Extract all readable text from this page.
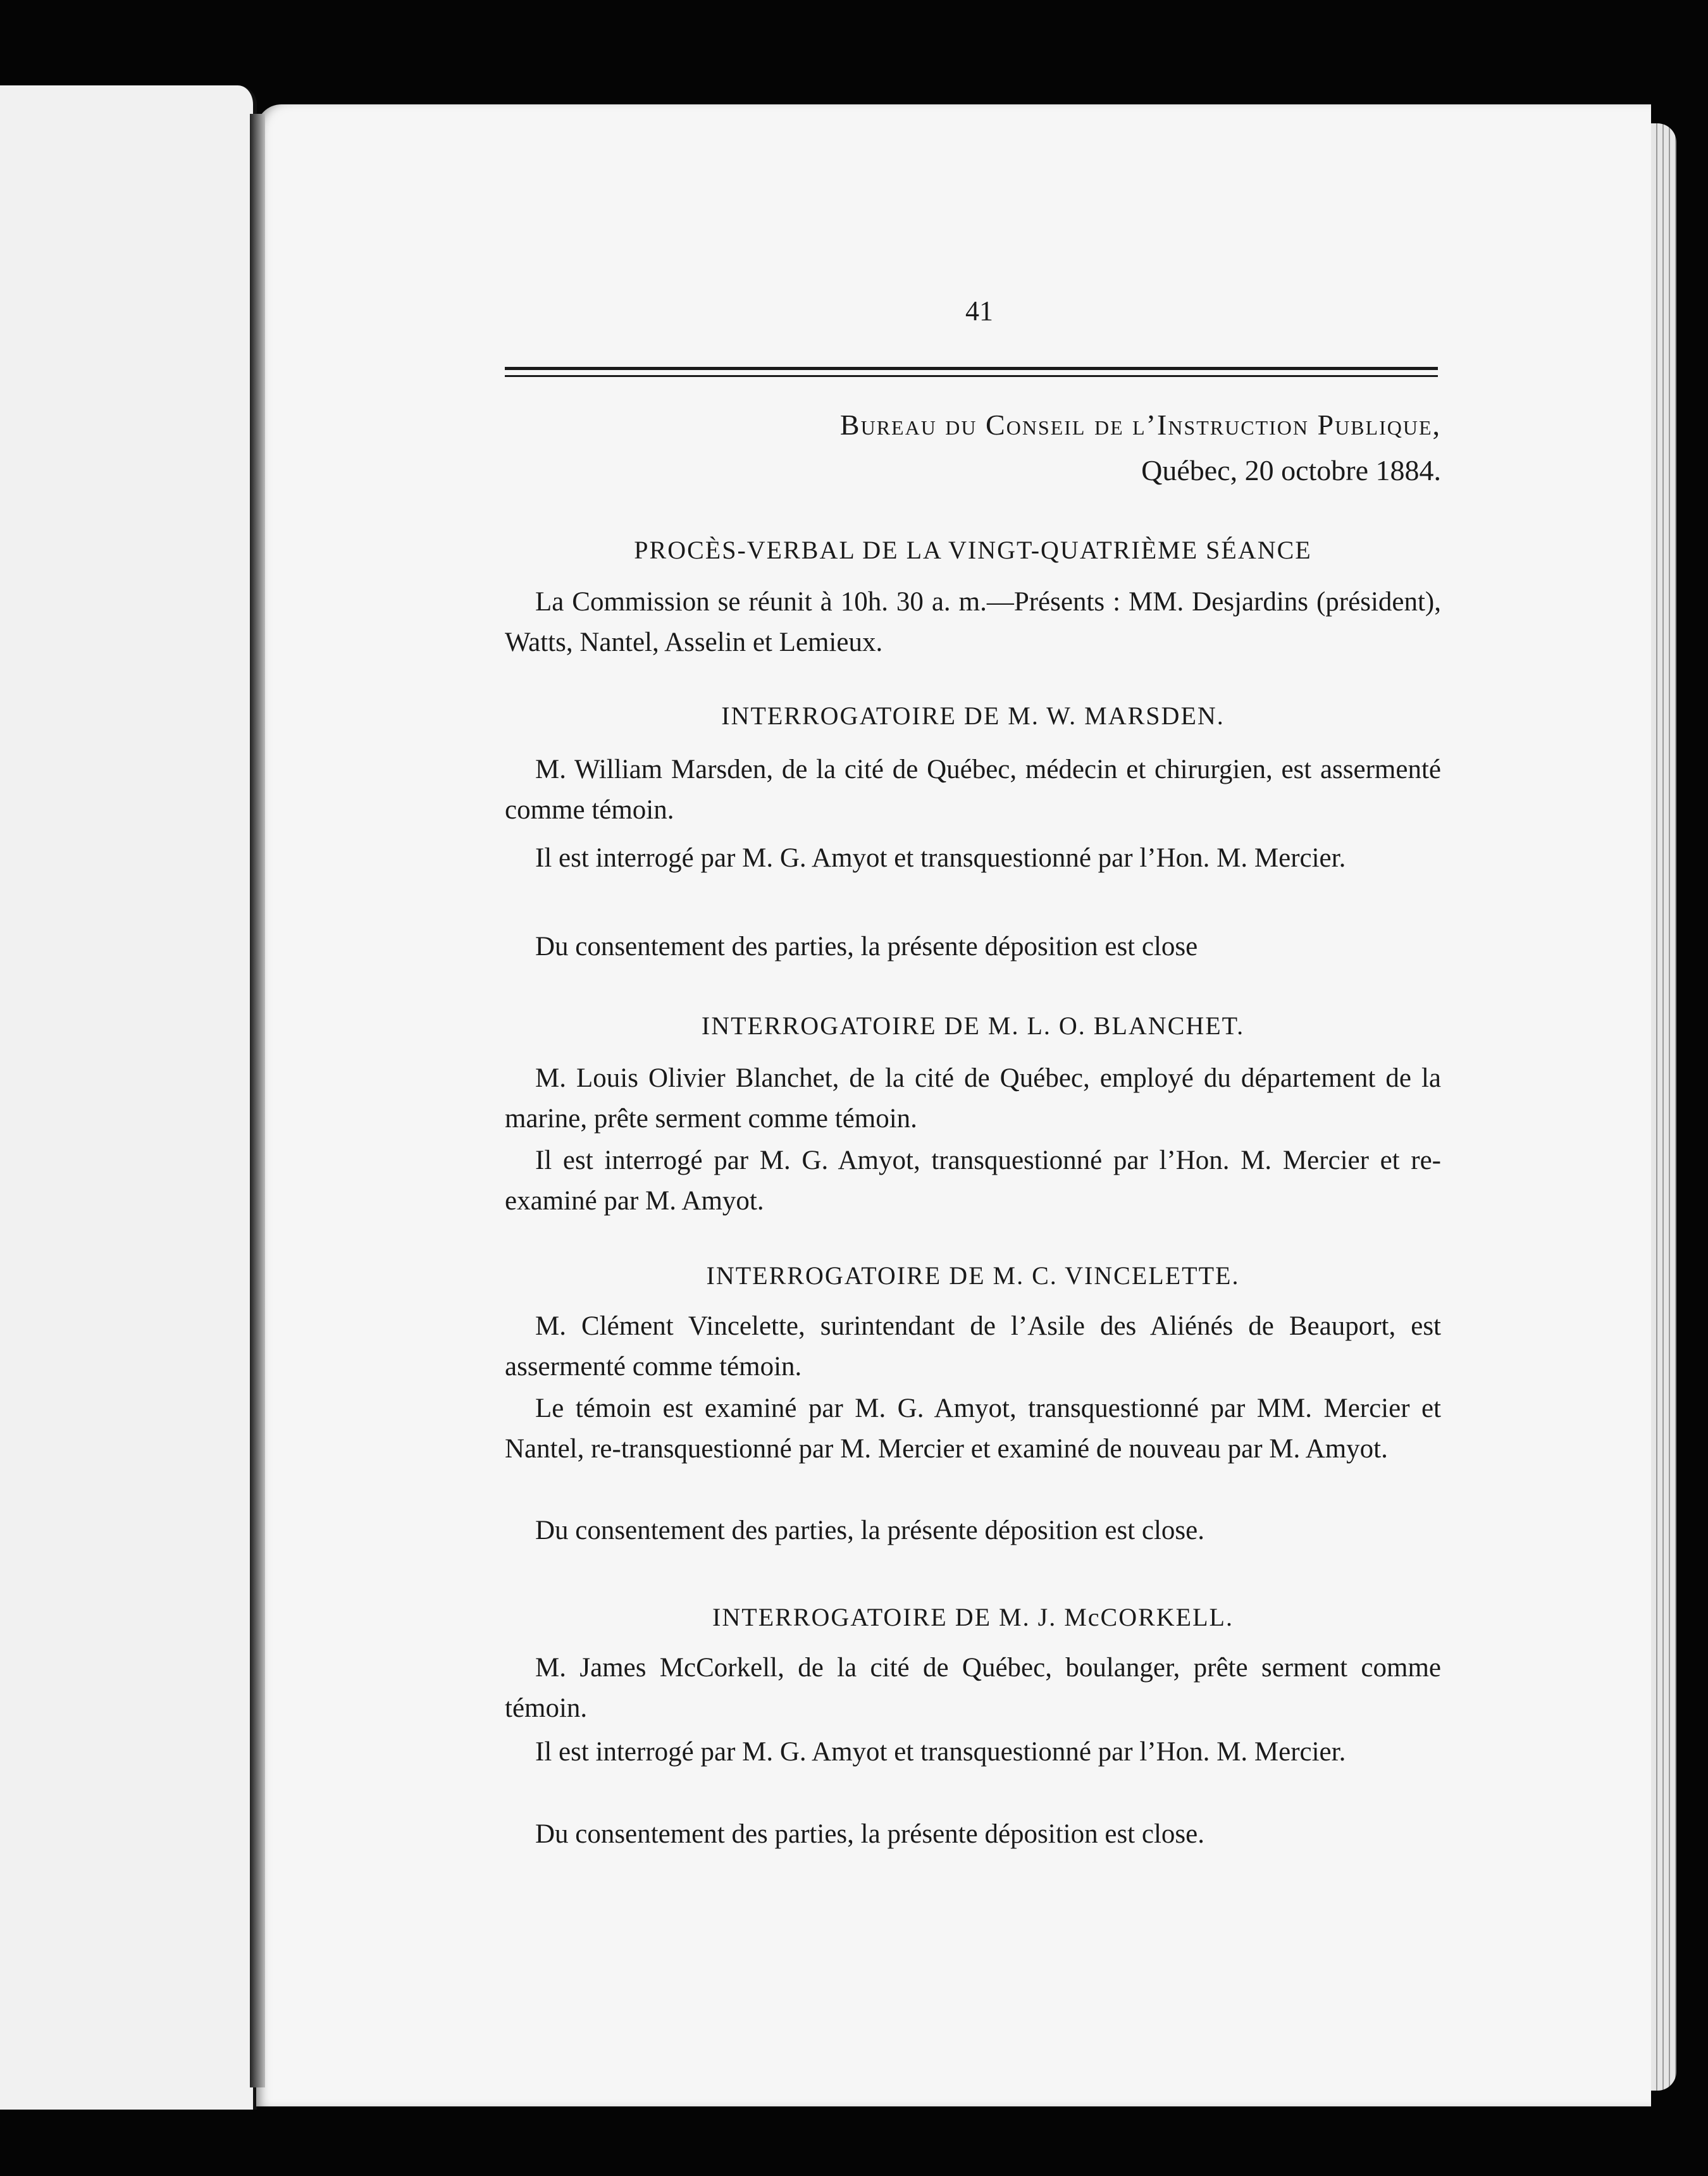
41
Bureau du Conseil de l’Instruction Publique,
Québec, 20 octobre 1884.
PROCÈS-VERBAL DE LA VINGT-QUATRIÈME SÉANCE
La Commission se réunit à 10h. 30 a. m.—Présents : MM. Desjardins (président), Watts, Nantel, Asselin et Lemieux.
INTERROGATOIRE DE M. W. MARSDEN.
M. William Marsden, de la cité de Québec, médecin et chirurgien, est assermenté comme témoin.
Il est interrogé par M. G. Amyot et transquestionné par l’Hon. M. Mercier.
Du consentement des parties, la présente déposition est close
INTERROGATOIRE DE M. L. O. BLANCHET.
M. Louis Olivier Blanchet, de la cité de Québec, employé du département de la marine, prête serment comme témoin.
Il est interrogé par M. G. Amyot, transquestionné par l’Hon. M. Mercier et re-examiné par M. Amyot.
INTERROGATOIRE DE M. C. VINCELETTE.
M. Clément Vincelette, surintendant de l’Asile des Aliénés de Beauport, est assermenté comme témoin.
Le témoin est examiné par M. G. Amyot, transquestionné par MM. Mercier et Nantel, re-transquestionné par M. Mercier et examiné de nouveau par M. Amyot.
Du consentement des parties, la présente déposition est close.
INTERROGATOIRE DE M. J. McCORKELL.
M. James McCorkell, de la cité de Québec, boulanger, prête serment comme témoin.
Il est interrogé par M. G. Amyot et transquestionné par l’Hon. M. Mercier.
Du consentement des parties, la présente déposition est close.
